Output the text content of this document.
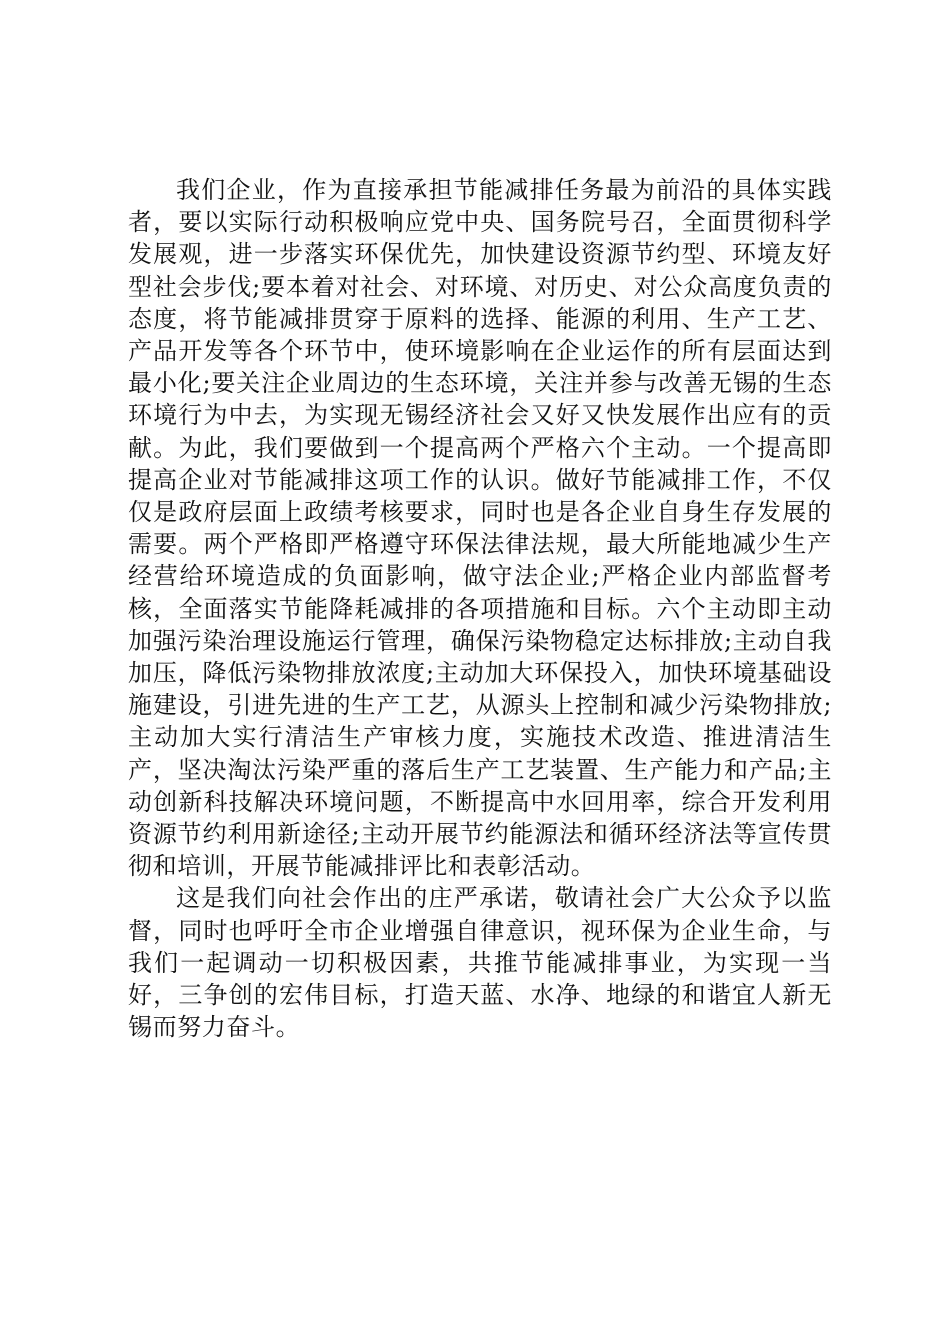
我们企业，作为直接承担节能减排任务最为前沿的具体实践者，要以实际行动积极响应党中央、国务院号召，全面贯彻科学发展观，进一步落实环保优先，加快建设资源节约型、环境友好型社会步伐;要本着对社会、对环境、对历史、对公众高度负责的态度，将节能减排贯穿于原料的选择、能源的利用、生产工艺、产品开发等各个环节中，使环境影响在企业运作的所有层面达到最小化;要关注企业周边的生态环境，关注并参与改善无锡的生态环境行为中去，为实现无锡经济社会又好又快发展作出应有的贡献。为此，我们要做到一个提高两个严格六个主动。一个提高即提高企业对节能减排这项工作的认识。做好节能减排工作，不仅仅是政府层面上政绩考核要求，同时也是各企业自身生存发展的需要。两个严格即严格遵守环保法律法规，最大所能地减少生产经营给环境造成的负面影响，做守法企业;严格企业内部监督考核，全面落实节能降耗减排的各项措施和目标。六个主动即主动加强污染治理设施运行管理，确保污染物稳定达标排放;主动自我加压，降低污染物排放浓度;主动加大环保投入，加快环境基础设施建设，引进先进的生产工艺，从源头上控制和减少污染物排放;主动加大实行清洁生产审核力度，实施技术改造、推进清洁生产，坚决淘汰污染严重的落后生产工艺装置、生产能力和产品;主动创新科技解决环境问题，不断提高中水回用率，综合开发利用资源节约利用新途径;主动开展节约能源法和循环经济法等宣传贯彻和培训，开展节能减排评比和表彰活动。

这是我们向社会作出的庄严承诺，敬请社会广大公众予以监督，同时也呼吁全市企业增强自律意识，视环保为企业生命，与我们一起调动一切积极因素，共推节能减排事业，为实现一当好，三争创的宏伟目标，打造天蓝、水净、地绿的和谐宜人新无锡而努力奋斗。
